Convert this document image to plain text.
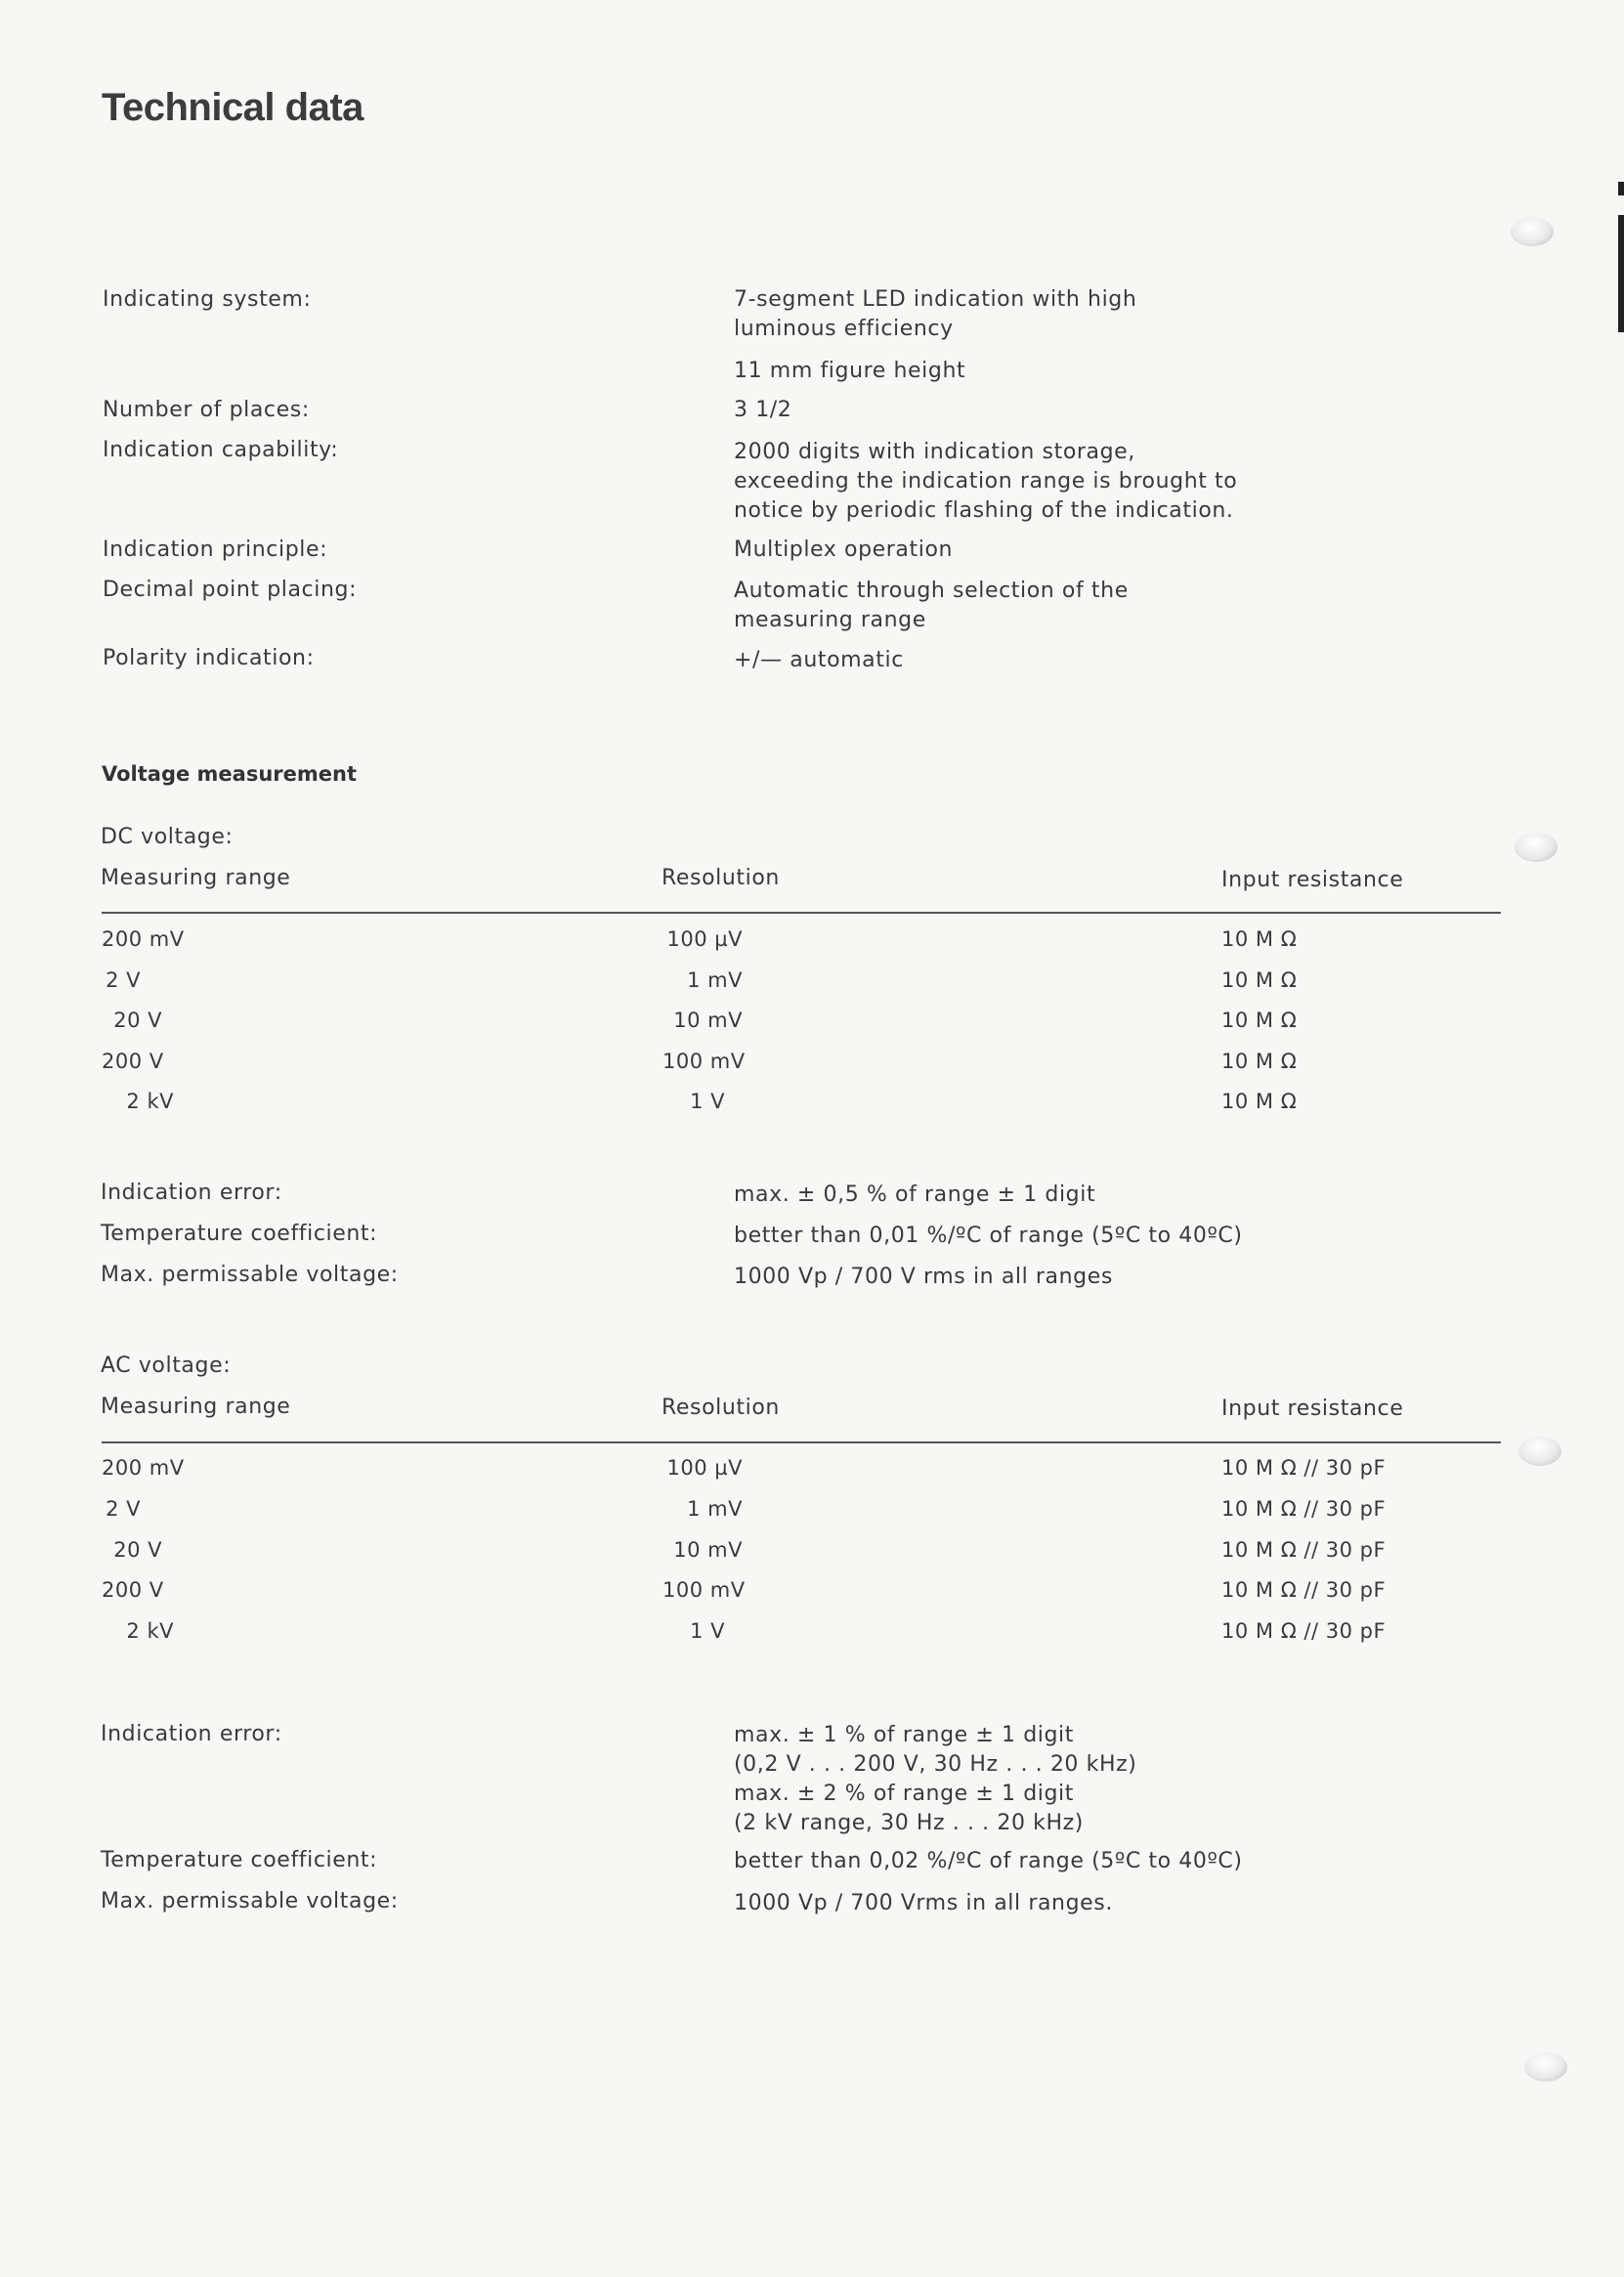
Technical data
Indicating system:	7-segment LED indication with high
luminous efficiency
11 mm figure height
Number of places:	3 1/2
Indication capability:	2000 digits with indication storage,
exceeding the indication range is brought to
notice by periodic flashing of the indication.
Indication principle:	Multiplex operation
Decimal point placing:	Automatic through selection of the
measuring range
Polarity indication:	+/— automatic
Voltage measurement
DC voltage:
Measuring range	Resolution	Input resistance
200 mV	100 µV	10 M Ω
2 V	1 mV	10 M Ω
20 V	10 mV	10 M Ω
200 V	100 mV	10 M Ω
2 kV	1 V	10 M Ω
Indication error:	max. ± 0,5 % of range ± 1 digit
Temperature coefficient:	better than 0,01 %/ºC of range (5ºC to 40ºC)
Max. permissable voltage:	1000 Vp / 700 V rms in all ranges
AC voltage:
Measuring range	Resolution	Input resistance
200 mV	100 µV	10 M Ω // 30 pF
2 V	1 mV	10 M Ω // 30 pF
20 V	10 mV	10 M Ω // 30 pF
200 V	100 mV	10 M Ω // 30 pF
2 kV	1 V	10 M Ω // 30 pF
Indication error:	max. ± 1 % of range ± 1 digit
(0,2 V . . . 200 V, 30 Hz . . . 20 kHz)
max. ± 2 % of range ± 1 digit
(2 kV range, 30 Hz . . . 20 kHz)
Temperature coefficient:	better than 0,02 %/ºC of range (5ºC to 40ºC)
Max. permissable voltage:	1000 Vp / 700 Vrms in all ranges.
